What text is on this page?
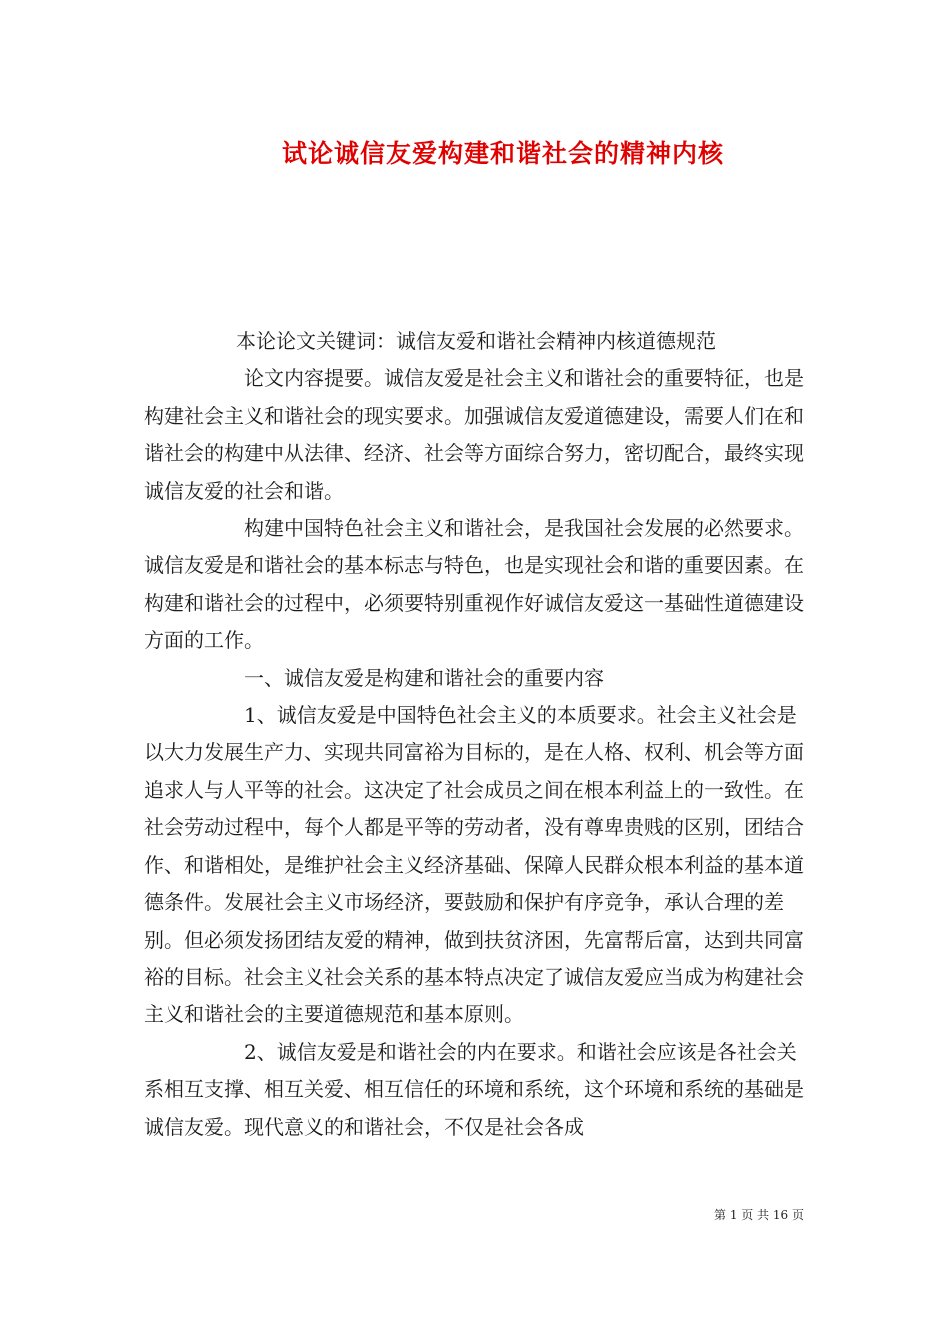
试论诚信友爱构建和谐社会的精神内核

本论论文关键词：诚信友爱和谐社会精神内核道德规范

论文内容提要。诚信友爱是社会主义和谐社会的重要特征，也是构建社会主义和谐社会的现实要求。加强诚信友爱道德建设，需要人们在和谐社会的构建中从法律、经济、社会等方面综合努力，密切配合，最终实现诚信友爱的社会和谐。

构建中国特色社会主义和谐社会，是我国社会发展的必然要求。诚信友爱是和谐社会的基本标志与特色，也是实现社会和谐的重要因素。在构建和谐社会的过程中，必须要特别重视作好诚信友爱这一基础性道德建设方面的工作。

一、诚信友爱是构建和谐社会的重要内容

1、诚信友爱是中国特色社会主义的本质要求。社会主义社会是以大力发展生产力、实现共同富裕为目标的，是在人格、权利、机会等方面追求人与人平等的社会。这决定了社会成员之间在根本利益上的一致性。在社会劳动过程中，每个人都是平等的劳动者，没有尊卑贵贱的区别，团结合作、和谐相处，是维护社会主义经济基础、保障人民群众根本利益的基本道德条件。发展社会主义市场经济，要鼓励和保护有序竞争，承认合理的差别。但必须发扬团结友爱的精神，做到扶贫济困，先富帮后富，达到共同富裕的目标。社会主义社会关系的基本特点决定了诚信友爱应当成为构建社会主义和谐社会的主要道德规范和基本原则。

2、诚信友爱是和谐社会的内在要求。和谐社会应该是各社会关系相互支撑、相互关爱、相互信任的环境和系统，这个环境和系统的基础是诚信友爱。现代意义的和谐社会，不仅是社会各成

第 1 页 共 16 页
